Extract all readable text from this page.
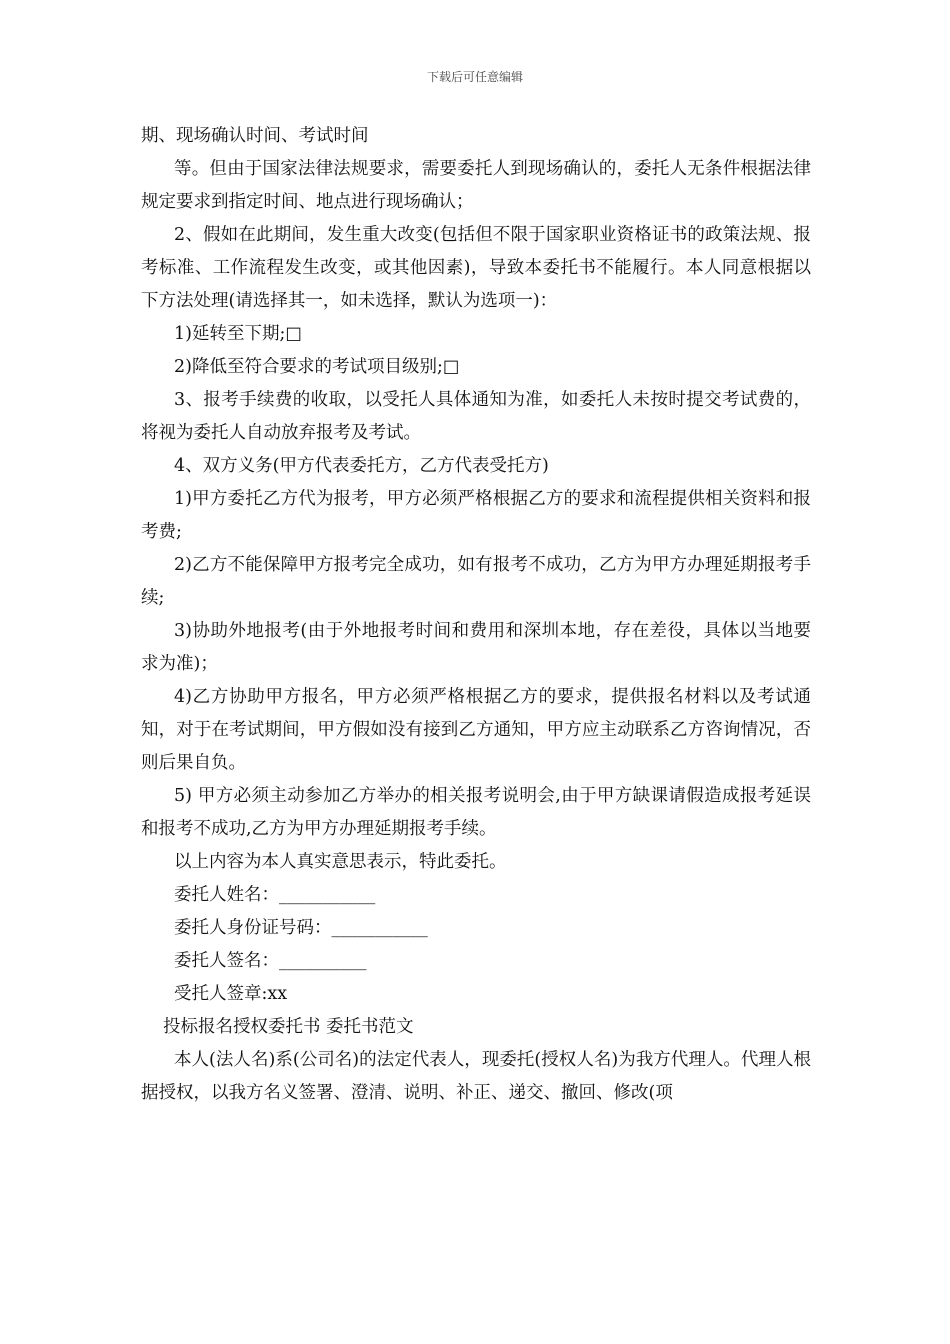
下载后可任意编辑

期、现场确认时间、考试时间

等。但由于国家法律法规要求，需要委托人到现场确认的，委托人无条件根据法律规定要求到指定时间、地点进行现场确认；

2、假如在此期间，发生重大改变(包括但不限于国家职业资格证书的政策法规、报考标准、工作流程发生改变，或其他因素)，导致本委托书不能履行。本人同意根据以下方法处理(请选择其一，如未选择，默认为选项一)：

1)延转至下期;□

2)降低至符合要求的考试项目级别;□

3、报考手续费的收取，以受托人具体通知为准，如委托人未按时提交考试费的，将视为委托人自动放弃报考及考试。

4、双方义务(甲方代表委托方，乙方代表受托方)

1)甲方委托乙方代为报考，甲方必须严格根据乙方的要求和流程提供相关资料和报考费;

2)乙方不能保障甲方报考完全成功，如有报考不成功，乙方为甲方办理延期报考手续;

3)协助外地报考(由于外地报考时间和费用和深圳本地，存在差役，具体以当地要求为准)；

4)乙方协助甲方报名，甲方必须严格根据乙方的要求，提供报名材料以及考试通知，对于在考试期间，甲方假如没有接到乙方通知，甲方应主动联系乙方咨询情况，否则后果自负。

5) 甲方必须主动参加乙方举办的相关报考说明会,由于甲方缺课请假造成报考延误和报考不成功,乙方为甲方办理延期报考手续。

以上内容为本人真实意思表示，特此委托。

委托人姓名：___________

委托人身份证号码：___________

委托人签名：__________

受托人签章:xx

投标报名授权委托书 委托书范文

本人(法人名)系(公司名)的法定代表人，现委托(授权人名)为我方代理人。代理人根据授权，以我方名义签署、澄清、说明、补正、递交、撤回、修改(项
